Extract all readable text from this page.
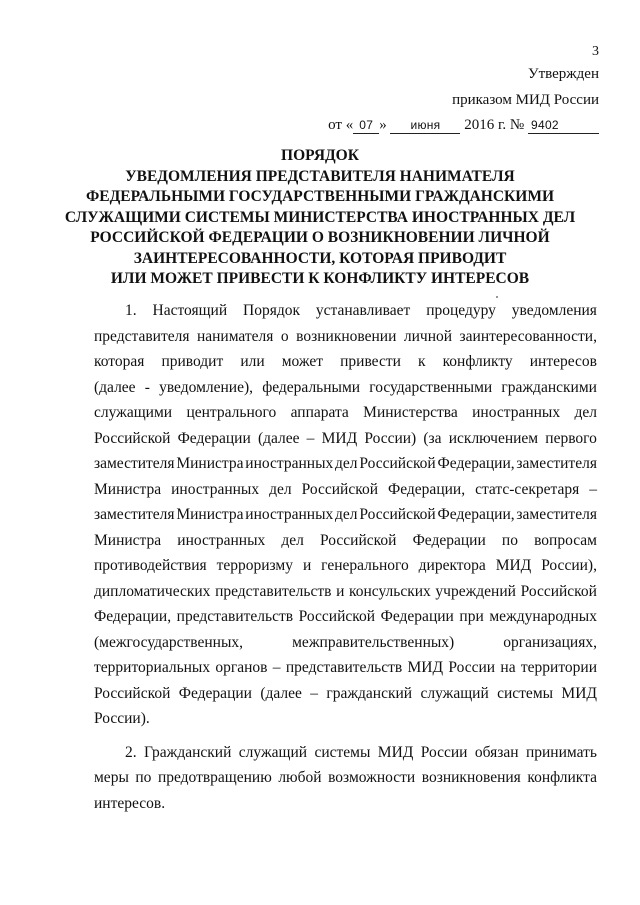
3
Утвержден
приказом МИД России
от « 07 » июня 2016 г. № 9402
ПОРЯДОК
УВЕДОМЛЕНИЯ ПРЕДСТАВИТЕЛЯ НАНИМАТЕЛЯ
ФЕДЕРАЛЬНЫМИ ГОСУДАРСТВЕННЫМИ ГРАЖДАНСКИМИ
СЛУЖАЩИМИ СИСТЕМЫ МИНИСТЕРСТВА ИНОСТРАННЫХ ДЕЛ
РОССИЙСКОЙ ФЕДЕРАЦИИ О ВОЗНИКНОВЕНИИ ЛИЧНОЙ
ЗАИНТЕРЕСОВАННОСТИ, КОТОРАЯ ПРИВОДИТ
ИЛИ МОЖЕТ ПРИВЕСТИ К КОНФЛИКТУ ИНТЕРЕСОВ
1. Настоящий Порядок устанавливает процедуру уведомления
представителя нанимателя о возникновении личной заинтересованности,
которая приводит или может привести к конфликту интересов
(далее - уведомление), федеральными государственными гражданскими
служащими центрального аппарата Министерства иностранных дел
Российской Федерации (далее – МИД России) (за исключением первого
заместителя Министра иностранных дел Российской Федерации, заместителя
Министра иностранных дел Российской Федерации, статс-секретаря –
заместителя Министра иностранных дел Российской Федерации, заместителя
Министра иностранных дел Российской Федерации по вопросам
противодействия терроризму и генерального директора МИД России),
дипломатических представительств и консульских учреждений Российской
Федерации, представительств Российской Федерации при международных
(межгосударственных,	межправительственных)	организациях,
территориальных органов – представительств МИД России на территории
Российской Федерации (далее – гражданский служащий системы МИД
России).
2. Гражданский служащий системы МИД России обязан принимать
меры по предотвращению любой возможности возникновения конфликта
интересов.
